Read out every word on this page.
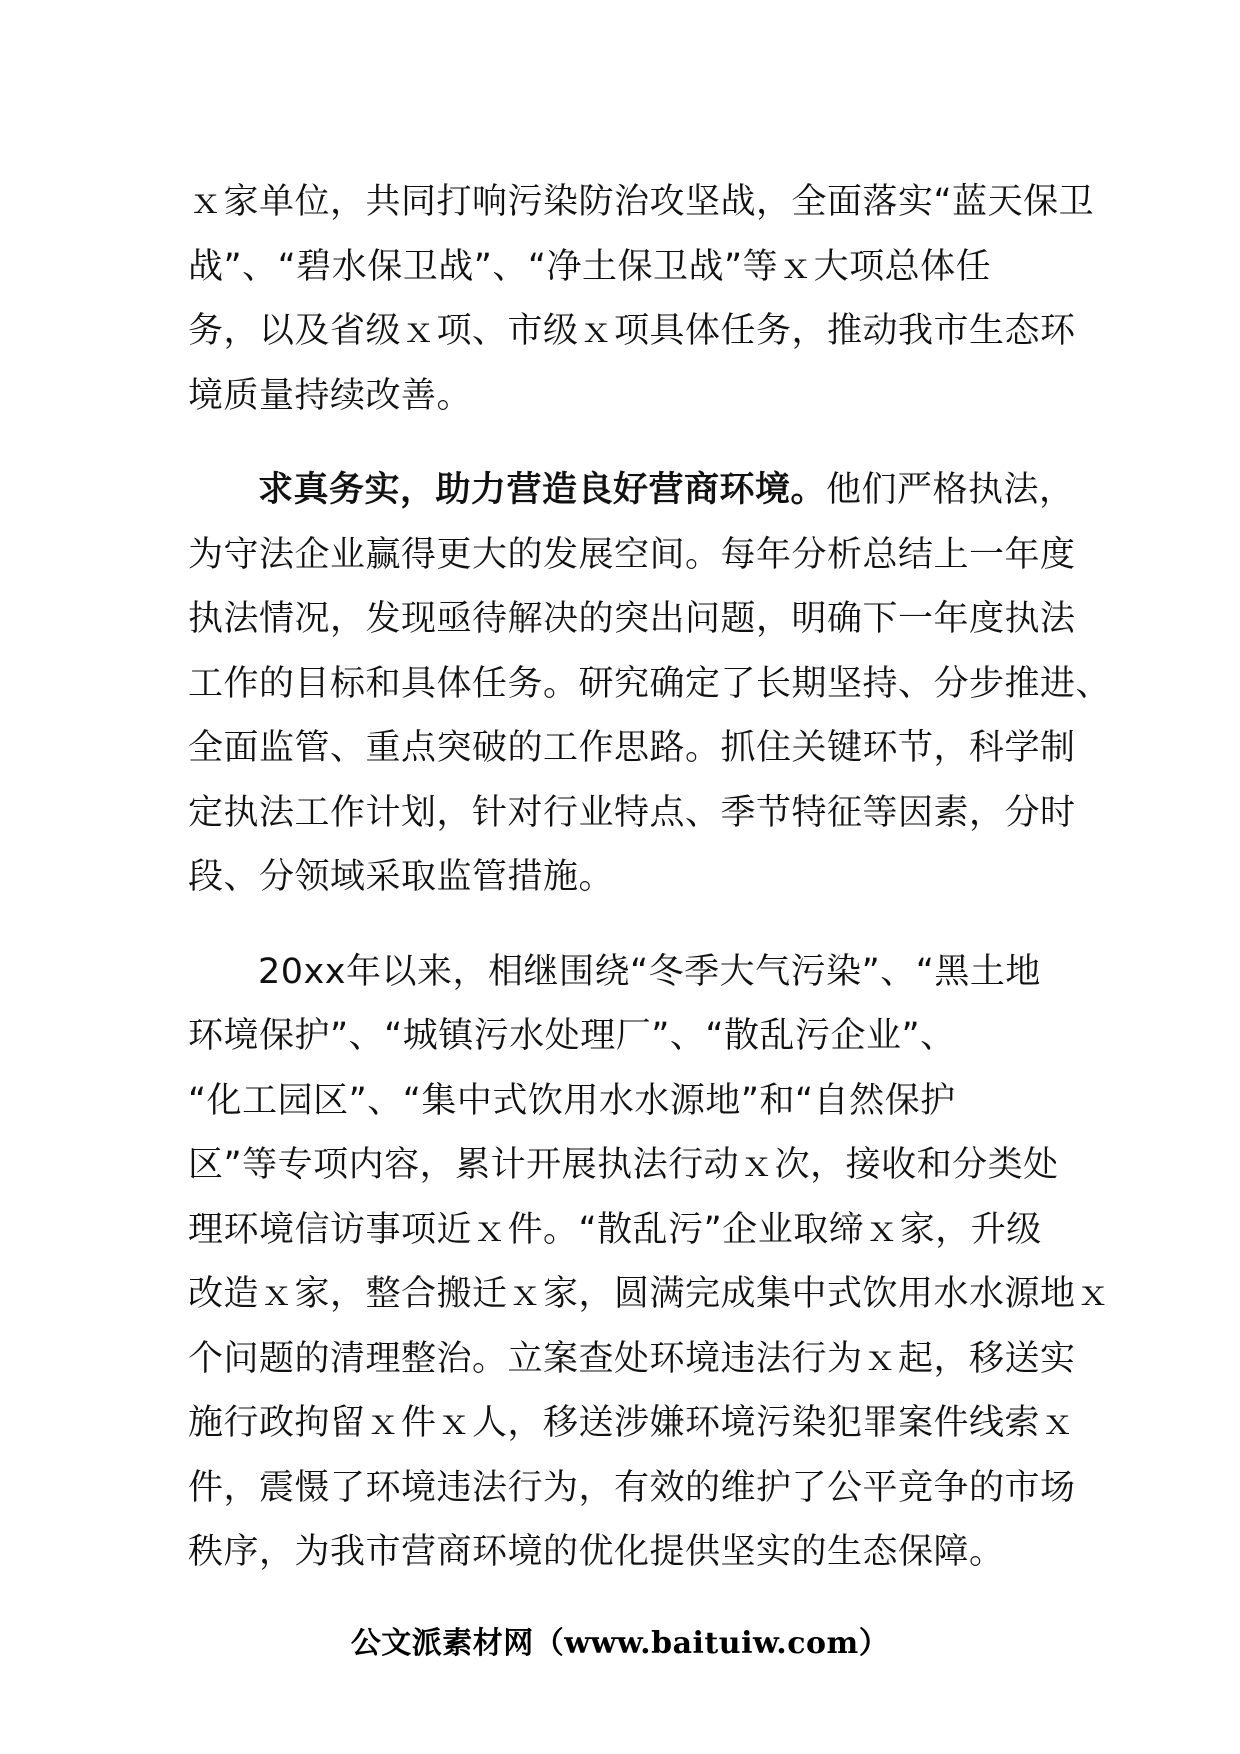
ｘ家单位，共同打响污染防治攻坚战，全面落实“蓝天保卫
战”、“碧水保卫战”、“净土保卫战”等ｘ大项总体任
务，以及省级ｘ项、市级ｘ项具体任务，推动我市生态环
境质量持续改善。
求真务实，助力营造良好营商环境。他们严格执法，
为守法企业赢得更大的发展空间。每年分析总结上一年度
执法情况，发现亟待解决的突出问题，明确下一年度执法
工作的目标和具体任务。研究确定了长期坚持、分步推进、
全面监管、重点突破的工作思路。抓住关键环节，科学制
定执法工作计划，针对行业特点、季节特征等因素，分时
段、分领域采取监管措施。
20xx年以来，相继围绕“冬季大气污染”、“黑土地
环境保护”、“城镇污水处理厂”、“散乱污企业”、
“化工园区”、“集中式饮用水水源地”和“自然保护
区”等专项内容，累计开展执法行动ｘ次，接收和分类处
理环境信访事项近ｘ件。“散乱污”企业取缔ｘ家，升级
改造ｘ家，整合搬迁ｘ家，圆满完成集中式饮用水水源地ｘ
个问题的清理整治。立案查处环境违法行为ｘ起，移送实
施行政拘留ｘ件ｘ人，移送涉嫌环境污染犯罪案件线索ｘ
件，震慑了环境违法行为，有效的维护了公平竞争的市场
秩序，为我市营商环境的优化提供坚实的生态保障。
公文派素材网（www.baituiw.com）
